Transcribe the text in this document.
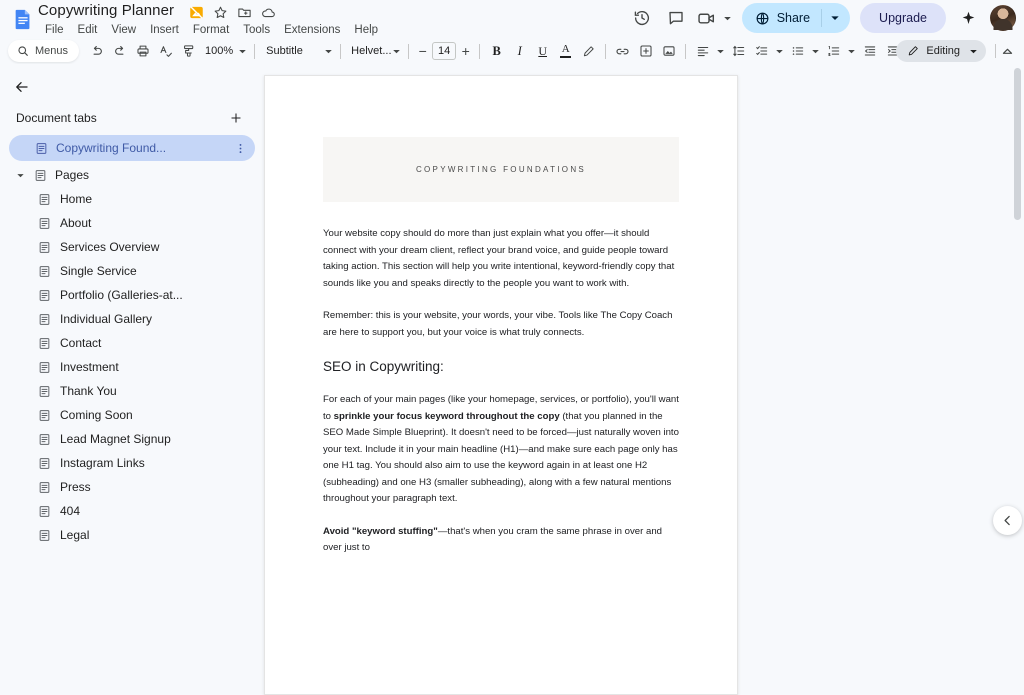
Copywriting Planner
File	Edit	View	Insert	Format	Tools	Extensions	Help
Share	Upgrade
Menus	100%	Subtitle	Helvet...	−	14 +	B I U A	Editing
Document tabs
Copywriting Found...
Pages
Home
About
Services Overview
Single Service
Portfolio (Galleries-at...
Individual Gallery
Contact
Investment
Thank You
Coming Soon
Lead Magnet Signup
Instagram Links
Press
404
Legal
COPYWRITING FOUNDATIONS

Your website copy should do more than just explain what you offer—it should connect with your dream client, reflect your brand voice, and guide people toward taking action. This section will help you write intentional, keyword-friendly copy that sounds like you and speaks directly to the people you want to work with.

Remember: this is your website, your words, your vibe. Tools like The Copy Coach are here to support you, but your voice is what truly connects.

SEO in Copywriting:

For each of your main pages (like your homepage, services, or portfolio), you'll want to sprinkle your focus keyword throughout the copy (that you planned in the SEO Made Simple Blueprint). It doesn't need to be forced—just naturally woven into your text. Include it in your main headline (H1)—and make sure each page only has one H1 tag. You should also aim to use the keyword again in at least one H2 (subheading) and one H3 (smaller subheading), along with a few natural mentions throughout your paragraph text.

Avoid "keyword stuffing"—that's when you cram the same phrase in over and over just to
